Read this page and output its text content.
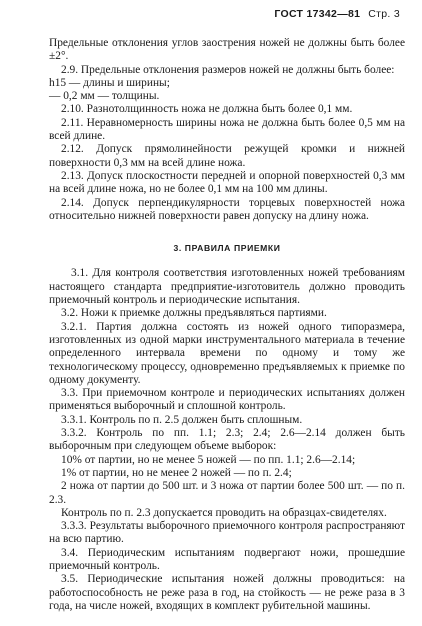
ГОСТ 17342—81 Стр. 3

Предельные отклонения углов заострения ножей не должны быть более ±2°.

2.9. Предельные отклонения размеров ножей не должны быть более:

h15 — длины и ширины;

— 0,2 мм — толщины.

2.10. Разнотолщинность ножа не должна быть более 0,1 мм.

2.11. Неравномерность ширины ножа не должна быть более 0,5 мм на всей длине.

2.12. Допуск прямолинейности режущей кромки и нижней поверхности 0,3 мм на всей длине ножа.

2.13. Допуск плоскостности передней и опорной поверхностей 0,3 мм на всей длине ножа, но не более 0,1 мм на 100 мм длины.

2.14. Допуск перпендикулярности торцевых поверхностей ножа относительно нижней поверхности равен допуску на длину ножа.

3. ПРАВИЛА ПРИЕМКИ

3.1. Для контроля соответствия изготовленных ножей требованиям настоящего стандарта предприятие-изготовитель должно проводить приемочный контроль и периодические испытания.

3.2. Ножи к приемке должны предъявляться партиями.

3.2.1. Партия должна состоять из ножей одного типоразмера, изготовленных из одной марки инструментального материала в течение определенного интервала времени по одному и тому же технологическому процессу, одновременно предъявляемых к приемке по одному документу.

3.3. При приемочном контроле и периодических испытаниях должен применяться выборочный и сплошной контроль.

3.3.1. Контроль по п. 2.5 должен быть сплошным.

3.3.2. Контроль по пп. 1.1; 2.3; 2.4; 2.6—2.14 должен быть выборочным при следующем объеме выборок:

10% от партии, но не менее 5 ножей — по пп. 1.1; 2.6—2.14;

1% от партии, но не менее 2 ножей — по п. 2.4;

2 ножа от партии до 500 шт. и 3 ножа от партии более 500 шт. — по п. 2.3.

Контроль по п. 2.3 допускается проводить на образцах-свидетелях.

3.3.3. Результаты выборочного приемочного контроля распространяют на всю партию.

3.4. Периодическим испытаниям подвергают ножи, прошедшие приемочный контроль.

3.5. Периодические испытания ножей должны проводиться: на работоспособность не реже раза в год, на стойкость — не реже раза в 3 года, на числе ножей, входящих в комплект рубительной машины.
